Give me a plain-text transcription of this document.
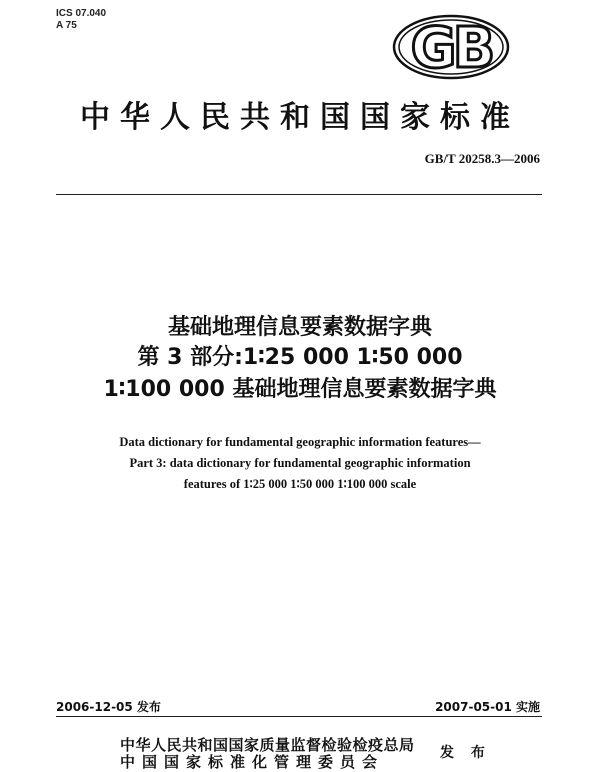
ICS 07.040
A 75	GB
中华人民共和国国家标准
GB/T 20258.3—2006
基础地理信息要素数据字典
第 3 部分:1∶25 000 1∶50 000
1∶100 000 基础地理信息要素数据字典
Data dictionary for fundamental geographic information features—
Part 3: data dictionary for fundamental geographic information
features of 1∶25 000 1∶50 000 1∶100 000 scale
2006-12-05 发布	2007-05-01 实施
中华人民共和国国家质量监督检验检疫总局
中国国家标准化管理委员会	发 布
